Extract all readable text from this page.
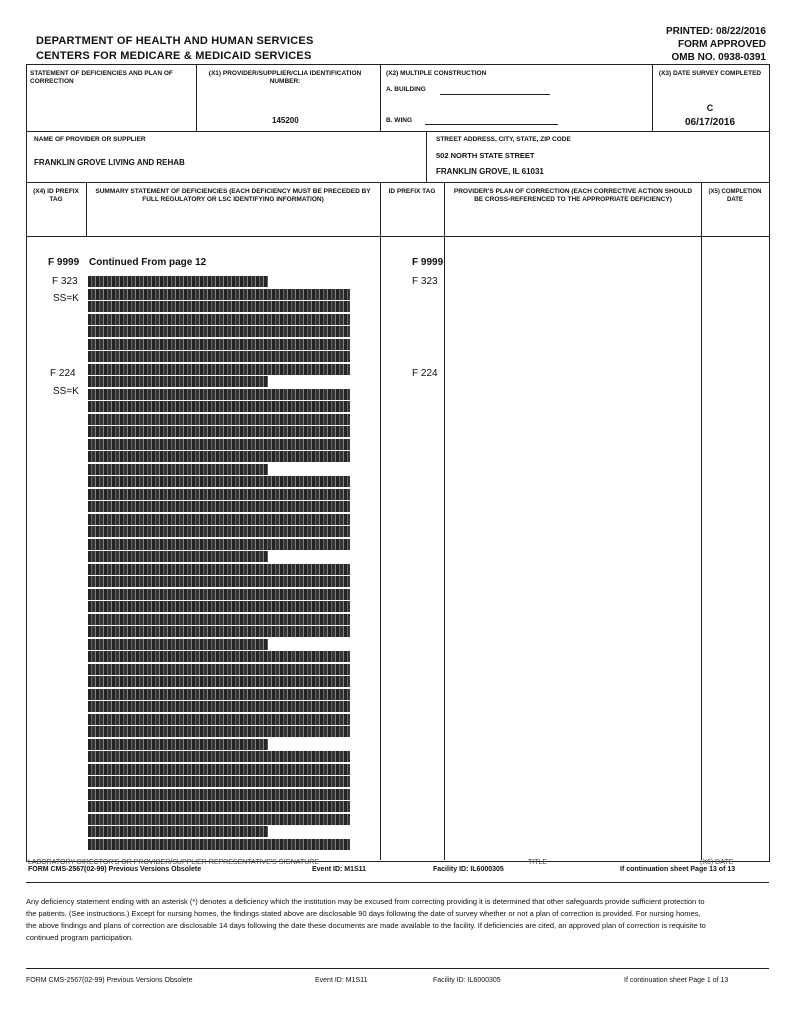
DEPARTMENT OF HEALTH AND HUMAN SERVICES
CENTERS FOR MEDICARE & MEDICAID SERVICES
PRINTED: 08/22/2016
FORM APPROVED
OMB NO. 0938-0391
STATEMENT OF DEFICIENCIES AND PLAN OF CORRECTION
(X1) PROVIDER/SUPPLIER/CLIA IDENTIFICATION NUMBER:
145200
(X2) MULTIPLE CONSTRUCTION
A. BUILDING
B. WING
(X3) DATE SURVEY COMPLETED
C
06/17/2016
NAME OF PROVIDER OR SUPPLIER
FRANKLIN GROVE LIVING AND REHAB
STREET ADDRESS, CITY, STATE, ZIP CODE
502 NORTH STATE STREET
FRANKLIN GROVE, IL 61031
(X4) ID PREFIX TAG
SUMMARY STATEMENT OF DEFICIENCIES (EACH DEFICIENCY MUST BE PRECEDED BY FULL REGULATORY OR LSC IDENTIFYING INFORMATION)
ID PREFIX TAG	PROVIDER'S PLAN OF CORRECTION (EACH CORRECTIVE ACTION SHOULD BE CROSS-REFERENCED TO THE APPROPRIATE DEFICIENCY)
(X5) COMPLETION DATE
F 9999 Continued From page 12
F 323
SS=K
F 224
SS=K
F 9999
F 323
F 224
LABORATORY DIRECTOR'S OR PROVIDER/SUPPLIER REPRESENTATIVE'S SIGNATURE	TITLE	(X6) DATE
FORM CMS-2567(02-99) Previous Versions Obsolete	Event ID: M1S11	Facility ID: IL6000305	If continuation sheet Page 13 of 13
Any deficiency statement ending with an asterisk (*) denotes a deficiency which the institution may be excused from correcting providing it is determined that other safeguards provide sufficient protection to the patients. (See instructions.) Except for nursing homes, the findings stated above are disclosable 90 days following the date of survey whether or not a plan of correction is provided. For nursing homes, the above findings and plans of correction are disclosable 14 days following the date these documents are made available to the facility. If deficiencies are cited, an approved plan of correction is requisite to continued program participation.
FORM CMS-2567(02-99) Previous Versions Obsolete	Event ID: M1S11	Facility ID: IL6000305	If continuation sheet Page 1 of 13
